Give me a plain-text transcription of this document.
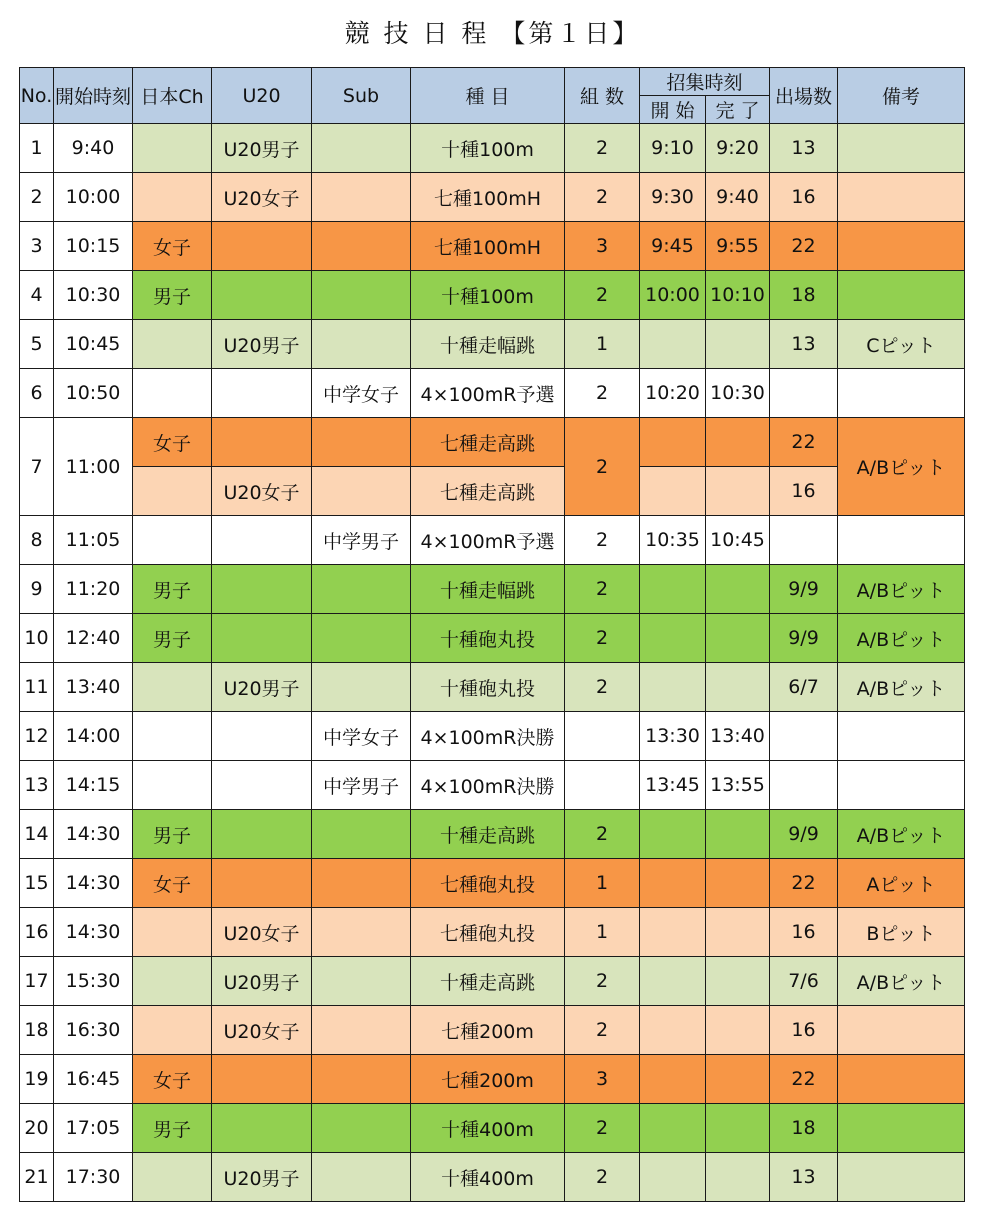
競 技 日 程 【第１日】
No.	開始時刻	日本Ch	U20	Sub	種 目	組 数	招集時刻		出場数	備考
							開 始	完 了		
1	9:40		U20男子		十種100m	2	9:10	9:20	13	
2	10:00		U20女子		七種100mH	2	9:30	9:40	16	
3	10:15	女子			七種100mH	3	9:45	9:55	22	
4	10:30	男子			十種100m	2	10:00	10:10	18	
5	10:45		U20男子		十種走幅跳	1			13	Cピット
6	10:50			中学女子	4×100mR予選	2	10:20	10:30		
7	11:00	女子			七種走高跳	2			22	A/Bピット
			U20女子		七種走高跳				16	
8	11:05			中学男子	4×100mR予選	2	10:35	10:45		
9	11:20	男子			十種走幅跳	2			9/9	A/Bピット
10	12:40	男子			十種砲丸投	2			9/9	A/Bピット
11	13:40		U20男子		十種砲丸投	2			6/7	A/Bピット
12	14:00			中学女子	4×100mR決勝		13:30	13:40		
13	14:15			中学男子	4×100mR決勝		13:45	13:55		
14	14:30	男子			十種走高跳	2			9/9	A/Bピット
15	14:30	女子			七種砲丸投	1			22	Aピット
16	14:30		U20女子		七種砲丸投	1			16	Bピット
17	15:30		U20男子		十種走高跳	2			7/6	A/Bピット
18	16:30		U20女子		七種200m	2			16	
19	16:45	女子			七種200m	3			22	
20	17:05	男子			十種400m	2			18	
21	17:30		U20男子		十種400m	2			13	
